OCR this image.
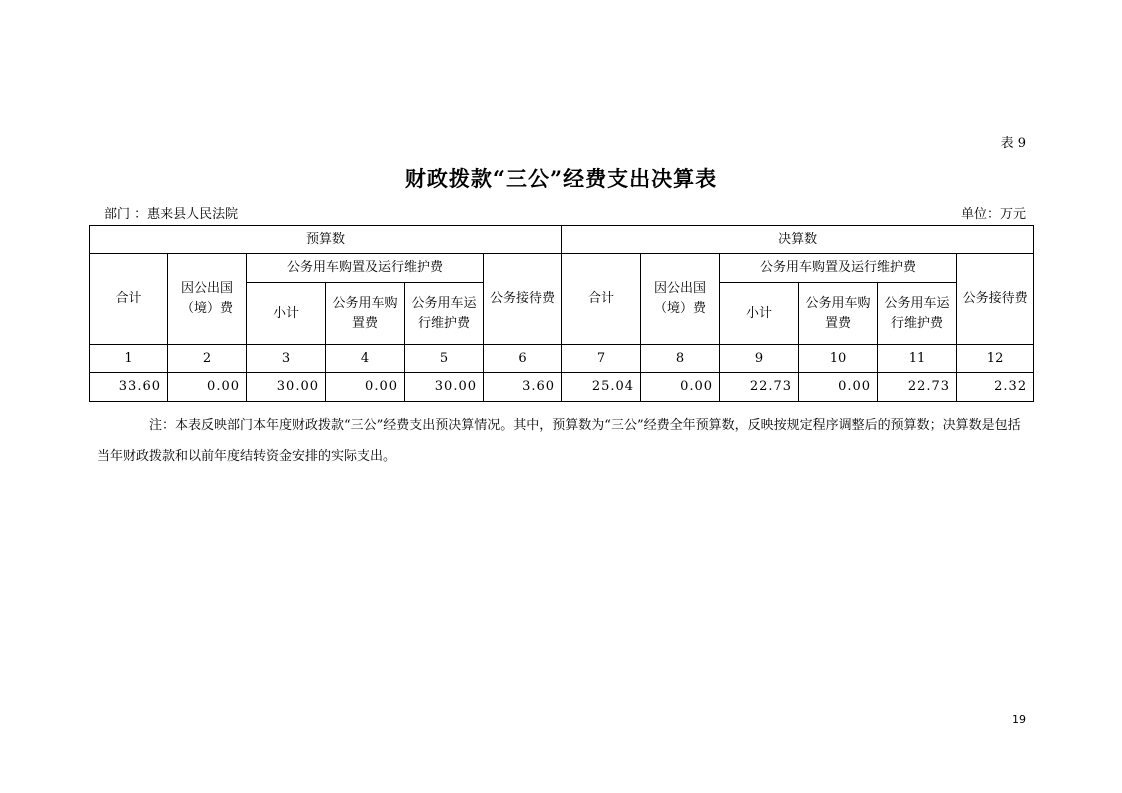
表 9
财政拨款“三公”经费支出决算表
部门 ：惠来县人民法院	单位：万元
预算数						决算数					
合计	因公出国（境）费	公务用车购置及运行维护费			公务接待费	合计	因公出国（境）费	公务用车购置及运行维护费			公务接待费
		小计	公务用车购置费	公务用车运行维护费				小计	公务用车购置费	公务用车运行维护费	
1	2	3	4	5	6	7	8	9	10	11	12
33.60	0.00	30.00	0.00	30.00	3.60	25.04	0.00	22.73	0.00	22.73	2.32
注：本表反映部门本年度财政拨款“三公”经费支出预决算情况。其中，预算数为“三公”经费全年预算数，反映按规定程序调整后的预算数；决算数是包括当年财政拨款和以前年度结转资金安排的实际支出。
19
